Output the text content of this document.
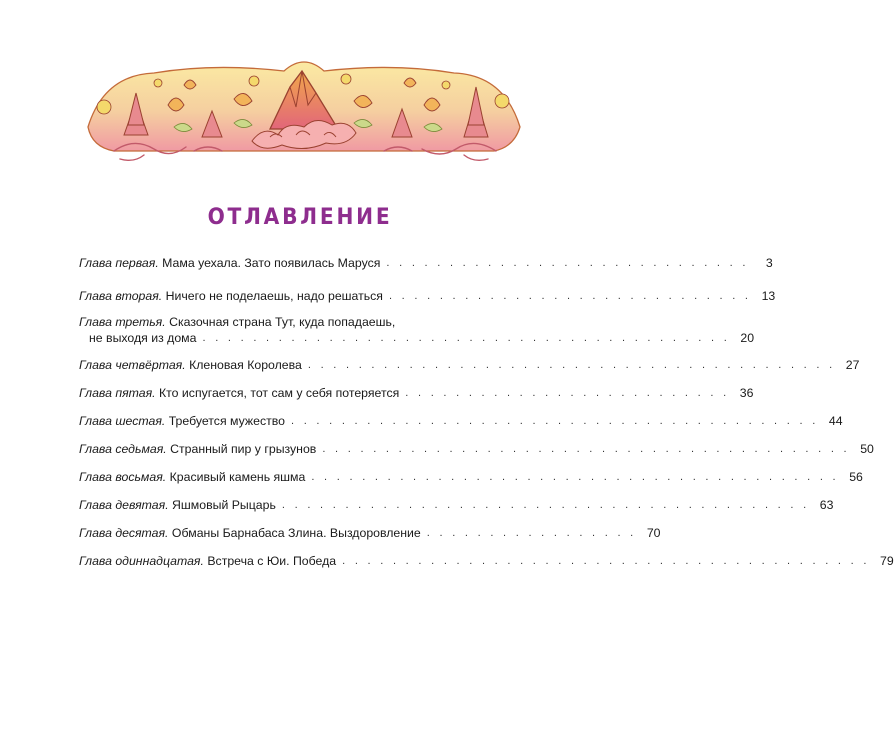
ОТЛАВЛЕНИЕ
Глава первая. Мама уехала. Зато появилась Маруся . . . . . . . . . . . . . . . . . . . . . . . . . . . . .	3
Глава вторая. Ничего не поделаешь, надо решаться . . . . . . . . . . . . . . . . . . . . . . . . . . . . . 13
Глава третья. Сказочная страна Тут, куда попадаешь,
не выходя из дома . . . . . . . . . . . . . . . . . . . . . . . . . . . . . . . . . . . . . . . . . . 20
Глава четвёртая. Кленовая Королева . . . . . . . . . . . . . . . . . . . . . . . . . . . . . . . . . . . . . . . . . . 27
Глава пятая. Кто испугается, тот сам у себя потеряется . . . . . . . . . . . . . . . . . . . . . . . . . . 36
Глава шестая. Требуется мужество . . . . . . . . . . . . . . . . . . . . . . . . . . . . . . . . . . . . . . . . . . 44
Глава седьмая. Странный пир у грызунов . . . . . . . . . . . . . . . . . . . . . . . . . . . . . . . . . . . . . . . . . . 50
Глава восьмая. Красивый камень яшма . . . . . . . . . . . . . . . . . . . . . . . . . . . . . . . . . . . . . . . . . . 56
Глава девятая. Яшмовый Рыцарь . . . . . . . . . . . . . . . . . . . . . . . . . . . . . . . . . . . . . . . . . . 63
Глава десятая. Обманы Барнабаса Злина. Выздоровление . . . . . . . . . . . . . . . . . 70
Глава одиннадцатая. Встреча с Юи. Победа . . . . . . . . . . . . . . . . . . . . . . . . . . . . . . . . . . . . . . . . . . 79
